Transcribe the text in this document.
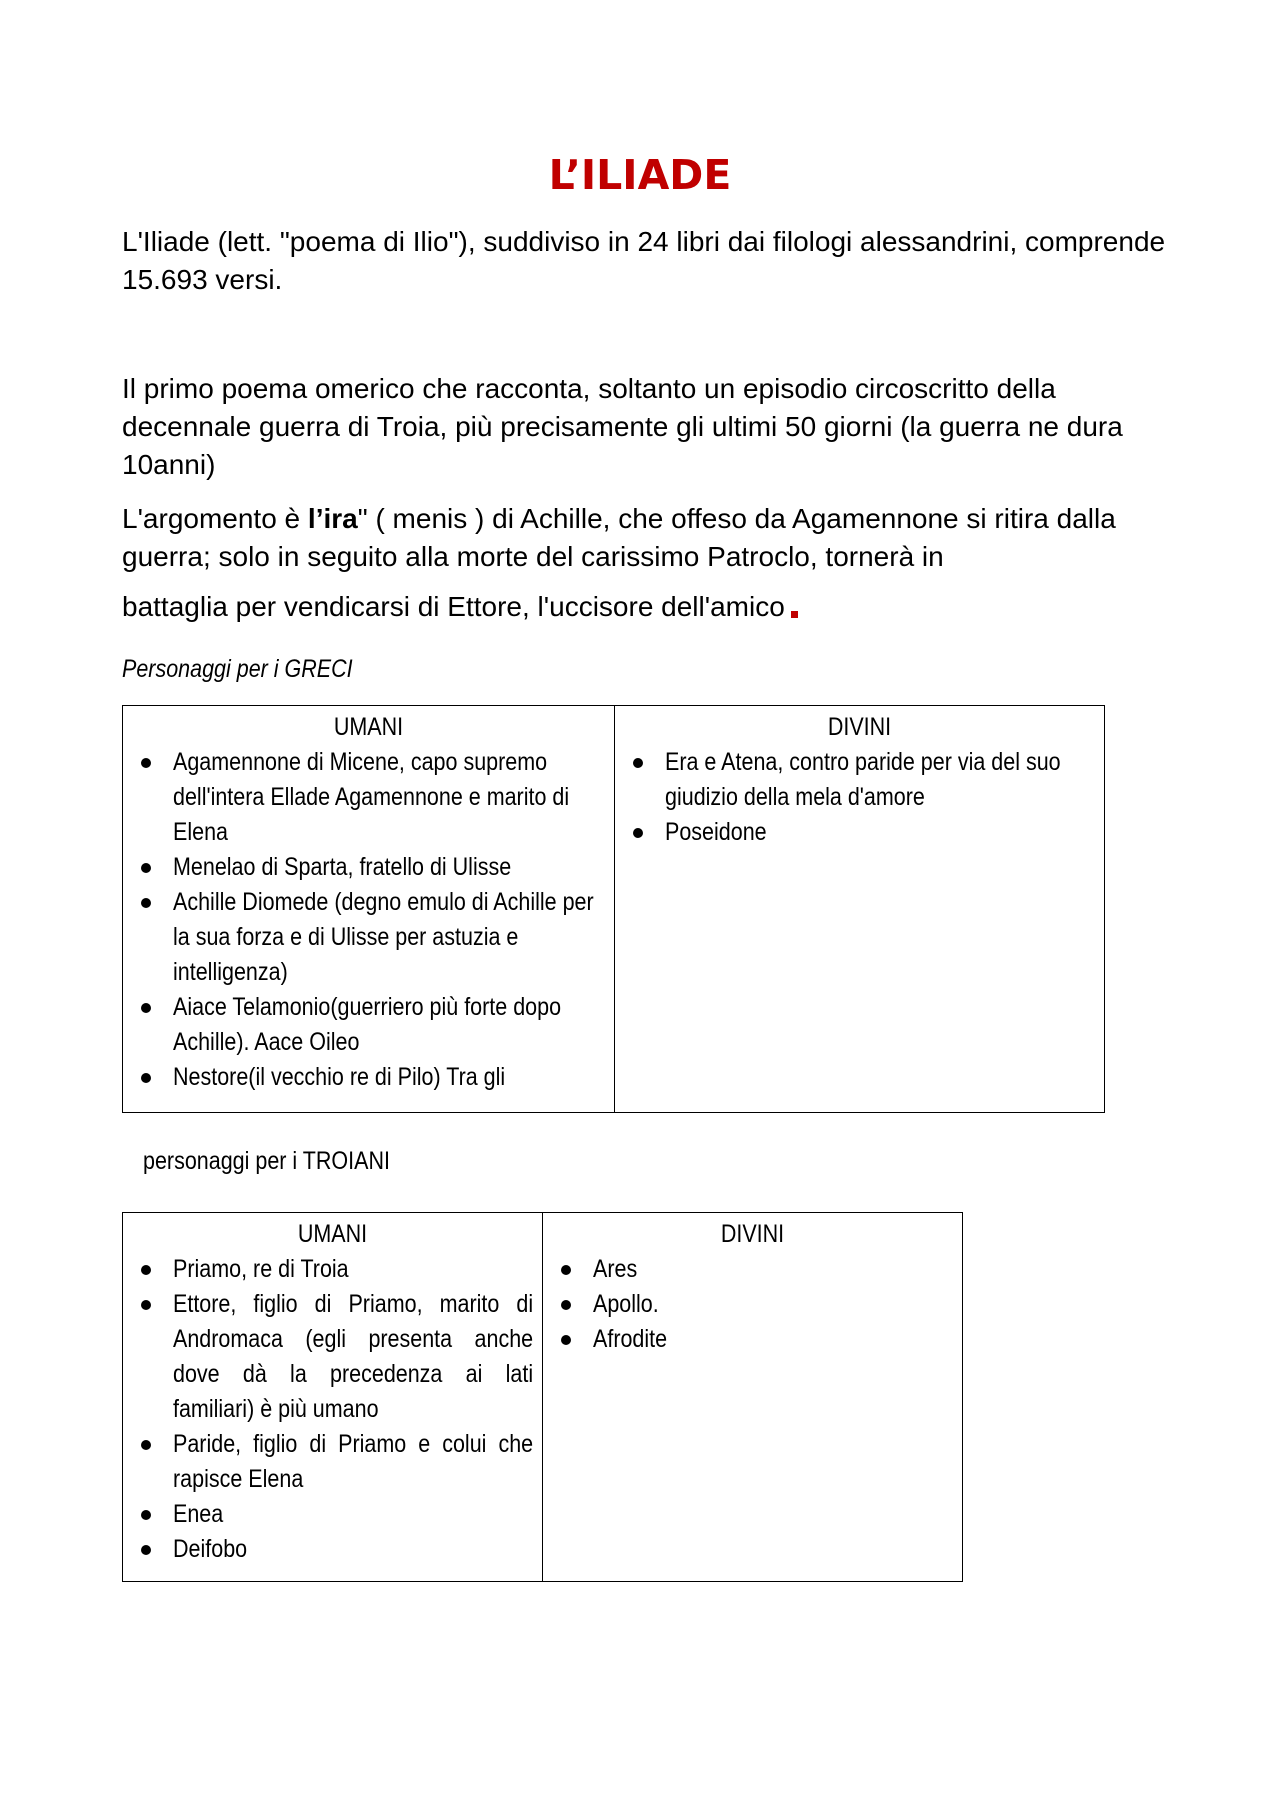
L’ILIADE

L'Iliade (lett. "poema di Ilio"), suddiviso in 24 libri dai filologi alessandrini, comprende 15.693 versi.

Il primo poema omerico che racconta, soltanto un episodio circoscritto della decennale guerra di Troia, più precisamente gli ultimi 50 giorni (la guerra ne dura 10anni)

L'argomento è l’ira" ( menis ) di Achille, che offeso da Agamennone si ritira dalla guerra; solo in seguito alla morte del carissimo Patroclo, tornerà in
battaglia per vendicarsi di Ettore, l'uccisore dell'amico

Personaggi per i GRECI
UMANI
Agamennone di Micene, capo supremo dell'intera Ellade Agamennone e marito di Elena
Menelao di Sparta, fratello di Ulisse
Achille Diomede (degno emulo di Achille per la sua forza e di Ulisse per astuzia e intelligenza)
Aiace Telamonio(guerriero più forte dopo Achille). Aace Oileo
Nestore(il vecchio re di Pilo) Tra gli

DIVINI
Era e Atena, contro paride per via del suo giudizio della mela d'amore
Poseidone
personaggi per i TROIANI
UMANI
Priamo, re di Troia
Ettore, figlio di Priamo, marito di Andromaca (egli presenta anche dove dà la precedenza ai lati familiari) è più umano
Paride, figlio di Priamo e colui che rapisce Elena
Enea
Deifobo

DIVINI
Ares
Apollo.
Afrodite
